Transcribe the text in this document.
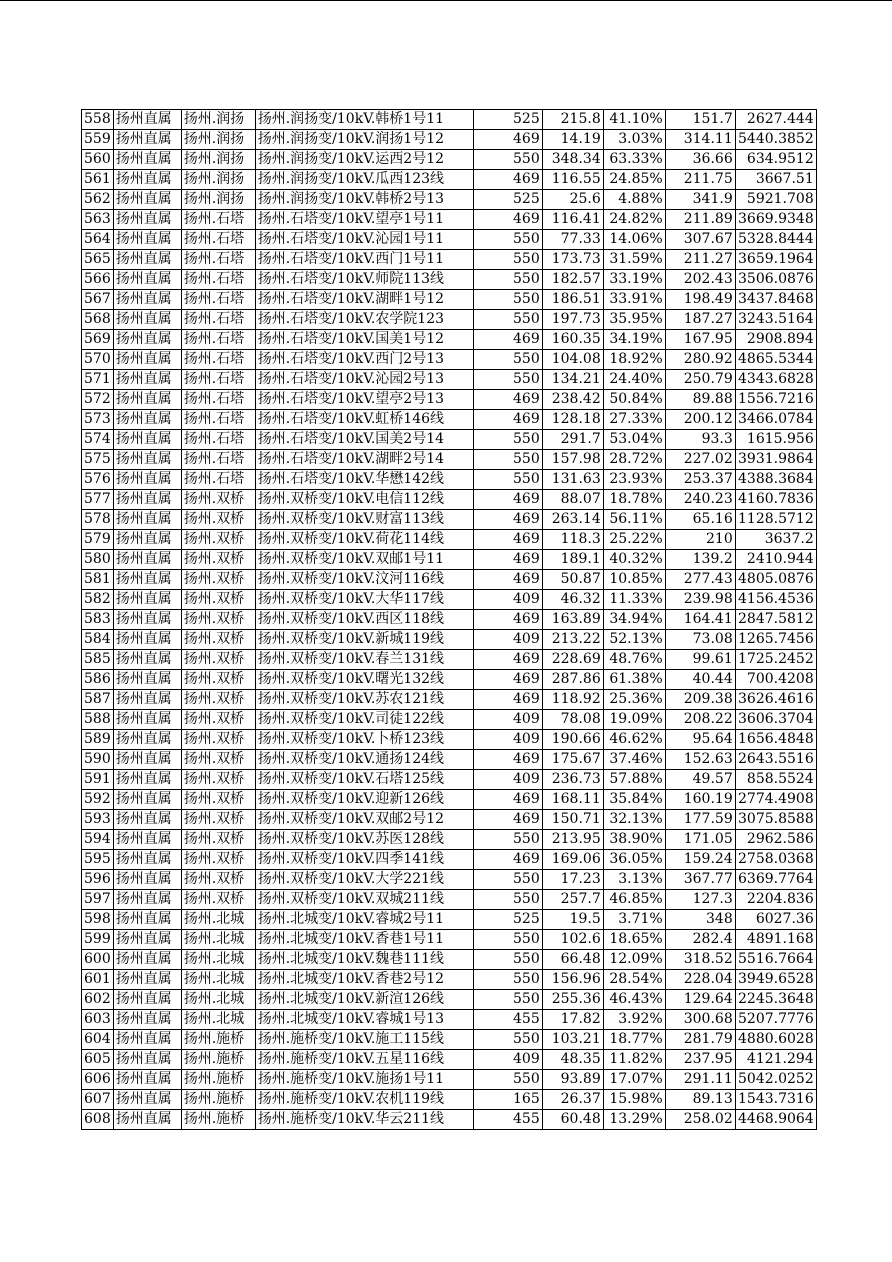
558	扬州直属	扬州.润扬	扬州.润扬变/10kV.韩桥1号11	525	215.8	41.10%	151.7	2627.444
559	扬州直属	扬州.润扬	扬州.润扬变/10kV.润扬1号12	469	14.19	3.03%	314.11	5440.3852
560	扬州直属	扬州.润扬	扬州.润扬变/10kV.运西2号12	550	348.34	63.33%	36.66	634.9512
561	扬州直属	扬州.润扬	扬州.润扬变/10kV.瓜西123线	469	116.55	24.85%	211.75	3667.51
562	扬州直属	扬州.润扬	扬州.润扬变/10kV.韩桥2号13	525	25.6	4.88%	341.9	5921.708
563	扬州直属	扬州.石塔	扬州.石塔变/10kV.望亭1号11	469	116.41	24.82%	211.89	3669.9348
564	扬州直属	扬州.石塔	扬州.石塔变/10kV.沁园1号11	550	77.33	14.06%	307.67	5328.8444
565	扬州直属	扬州.石塔	扬州.石塔变/10kV.西门1号11	550	173.73	31.59%	211.27	3659.1964
566	扬州直属	扬州.石塔	扬州.石塔变/10kV.师院113线	550	182.57	33.19%	202.43	3506.0876
567	扬州直属	扬州.石塔	扬州.石塔变/10kV.湖畔1号12	550	186.51	33.91%	198.49	3437.8468
568	扬州直属	扬州.石塔	扬州.石塔变/10kV.农学院123	550	197.73	35.95%	187.27	3243.5164
569	扬州直属	扬州.石塔	扬州.石塔变/10kV.国美1号12	469	160.35	34.19%	167.95	2908.894
570	扬州直属	扬州.石塔	扬州.石塔变/10kV.西门2号13	550	104.08	18.92%	280.92	4865.5344
571	扬州直属	扬州.石塔	扬州.石塔变/10kV.沁园2号13	550	134.21	24.40%	250.79	4343.6828
572	扬州直属	扬州.石塔	扬州.石塔变/10kV.望亭2号13	469	238.42	50.84%	89.88	1556.7216
573	扬州直属	扬州.石塔	扬州.石塔变/10kV.虹桥146线	469	128.18	27.33%	200.12	3466.0784
574	扬州直属	扬州.石塔	扬州.石塔变/10kV.国美2号14	550	291.7	53.04%	93.3	1615.956
575	扬州直属	扬州.石塔	扬州.石塔变/10kV.湖畔2号14	550	157.98	28.72%	227.02	3931.9864
576	扬州直属	扬州.石塔	扬州.石塔变/10kV.华懋142线	550	131.63	23.93%	253.37	4388.3684
577	扬州直属	扬州.双桥	扬州.双桥变/10kV.电信112线	469	88.07	18.78%	240.23	4160.7836
578	扬州直属	扬州.双桥	扬州.双桥变/10kV.财富113线	469	263.14	56.11%	65.16	1128.5712
579	扬州直属	扬州.双桥	扬州.双桥变/10kV.荷花114线	469	118.3	25.22%	210	3637.2
580	扬州直属	扬州.双桥	扬州.双桥变/10kV.双邮1号11	469	189.1	40.32%	139.2	2410.944
581	扬州直属	扬州.双桥	扬州.双桥变/10kV.汶河116线	469	50.87	10.85%	277.43	4805.0876
582	扬州直属	扬州.双桥	扬州.双桥变/10kV.大华117线	409	46.32	11.33%	239.98	4156.4536
583	扬州直属	扬州.双桥	扬州.双桥变/10kV.西区118线	469	163.89	34.94%	164.41	2847.5812
584	扬州直属	扬州.双桥	扬州.双桥变/10kV.新城119线	409	213.22	52.13%	73.08	1265.7456
585	扬州直属	扬州.双桥	扬州.双桥变/10kV.春兰131线	469	228.69	48.76%	99.61	1725.2452
586	扬州直属	扬州.双桥	扬州.双桥变/10kV.曙光132线	469	287.86	61.38%	40.44	700.4208
587	扬州直属	扬州.双桥	扬州.双桥变/10kV.苏农121线	469	118.92	25.36%	209.38	3626.4616
588	扬州直属	扬州.双桥	扬州.双桥变/10kV.司徒122线	409	78.08	19.09%	208.22	3606.3704
589	扬州直属	扬州.双桥	扬州.双桥变/10kV.卜桥123线	409	190.66	46.62%	95.64	1656.4848
590	扬州直属	扬州.双桥	扬州.双桥变/10kV.通扬124线	469	175.67	37.46%	152.63	2643.5516
591	扬州直属	扬州.双桥	扬州.双桥变/10kV.石塔125线	409	236.73	57.88%	49.57	858.5524
592	扬州直属	扬州.双桥	扬州.双桥变/10kV.迎新126线	469	168.11	35.84%	160.19	2774.4908
593	扬州直属	扬州.双桥	扬州.双桥变/10kV.双邮2号12	469	150.71	32.13%	177.59	3075.8588
594	扬州直属	扬州.双桥	扬州.双桥变/10kV.苏医128线	550	213.95	38.90%	171.05	2962.586
595	扬州直属	扬州.双桥	扬州.双桥变/10kV.四季141线	469	169.06	36.05%	159.24	2758.0368
596	扬州直属	扬州.双桥	扬州.双桥变/10kV.大学221线	550	17.23	3.13%	367.77	6369.7764
597	扬州直属	扬州.双桥	扬州.双桥变/10kV.双城211线	550	257.7	46.85%	127.3	2204.836
598	扬州直属	扬州.北城	扬州.北城变/10kV.睿城2号11	525	19.5	3.71%	348	6027.36
599	扬州直属	扬州.北城	扬州.北城变/10kV.香巷1号11	550	102.6	18.65%	282.4	4891.168
600	扬州直属	扬州.北城	扬州.北城变/10kV.魏巷111线	550	66.48	12.09%	318.52	5516.7664
601	扬州直属	扬州.北城	扬州.北城变/10kV.香巷2号12	550	156.96	28.54%	228.04	3949.6528
602	扬州直属	扬州.北城	扬州.北城变/10kV.新渲126线	550	255.36	46.43%	129.64	2245.3648
603	扬州直属	扬州.北城	扬州.北城变/10kV.睿城1号13	455	17.82	3.92%	300.68	5207.7776
604	扬州直属	扬州.施桥	扬州.施桥变/10kV.施工115线	550	103.21	18.77%	281.79	4880.6028
605	扬州直属	扬州.施桥	扬州.施桥变/10kV.五星116线	409	48.35	11.82%	237.95	4121.294
606	扬州直属	扬州.施桥	扬州.施桥变/10kV.施扬1号11	550	93.89	17.07%	291.11	5042.0252
607	扬州直属	扬州.施桥	扬州.施桥变/10kV.农机119线	165	26.37	15.98%	89.13	1543.7316
608	扬州直属	扬州.施桥	扬州.施桥变/10kV.华云211线	455	60.48	13.29%	258.02	4468.9064
